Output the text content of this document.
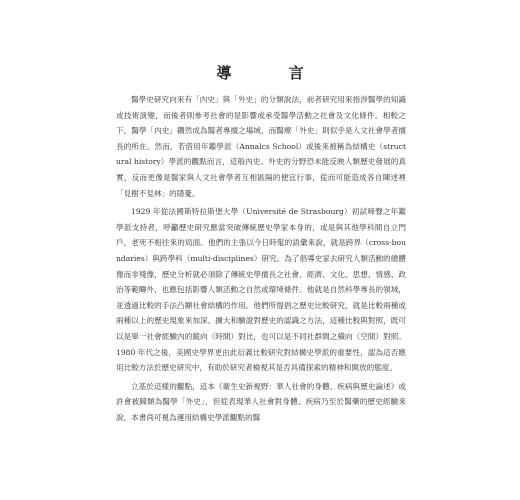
導 言

醫學史研究向來有「內史」與「外史」的分類說法，前者研究用來指涉醫學的知識或技術演變，而後者則參考社會的是影響或承受醫學活動之社會及文化條件。相較之下，醫學「內史」鑽然成為醫者專擅之場域，而醫療「外史」則似乎是人文社會學者擅長的所在。然而，若借用年鑑學派（Annalcs School）或後來被稱為結構史（structural history）學派的觀點而言，這般內史、外史的分野恐未能反映人類歷史發展的真實，反而更像是醫家與人文社會學者互相區隔的便宜行事，從而可能造成各自陳述裡「見樹不見林」的隱憂。

1929 年從法國斯特拉斯堡大學（Université de Strasbourg）初試啼聲之年鑑學派支持者，呼籲歷史研究應當突破傳統歷史學家本身的，或是與其他學科間自立門戶，老死不相往來的局面。他們的主張以今日時髦的語彙來說，就是跨界（cross-boundaries）與跨學科（multi-disciplines）研究。為了倡導史家去研究人類活動的總體像而非殘像，歷史分析就必須除了傳統史學擅長之社會、經濟、文化、思想、情感、政治等範疇外，也應包括影響人類活動之自然或環境條件。他就是自然科學專長的領域，並透過比較的手法凸顯社會結構的作用。他們所提倡之歷史比較研究，就是比較兩種或兩種以上的歷史現象來加深、擴大和驗證對歷史的認識之方法，這種比較與對照，既可以是單一社會經驗內的縱向（時間）對比，也可以是不同社群間之橫向（空間）對照。1980 年代之後，美國史學界更由此衍義比較研究對結構史學派的重要性，認為這否應用比較方法於歷史研究中，有助於研究者檢視其是否具備探索的精神和開放的態度。

立基於這樣的觀點，這本《衛生史新視野：華人社會的身體、疾病與歷史論述》或許會被歸類為醫學「外史」，但從表現華人社會對身體、疾病乃至於醫藥的歷史經驗來說，本書尚可視為運用結構史學派觀點的醫
